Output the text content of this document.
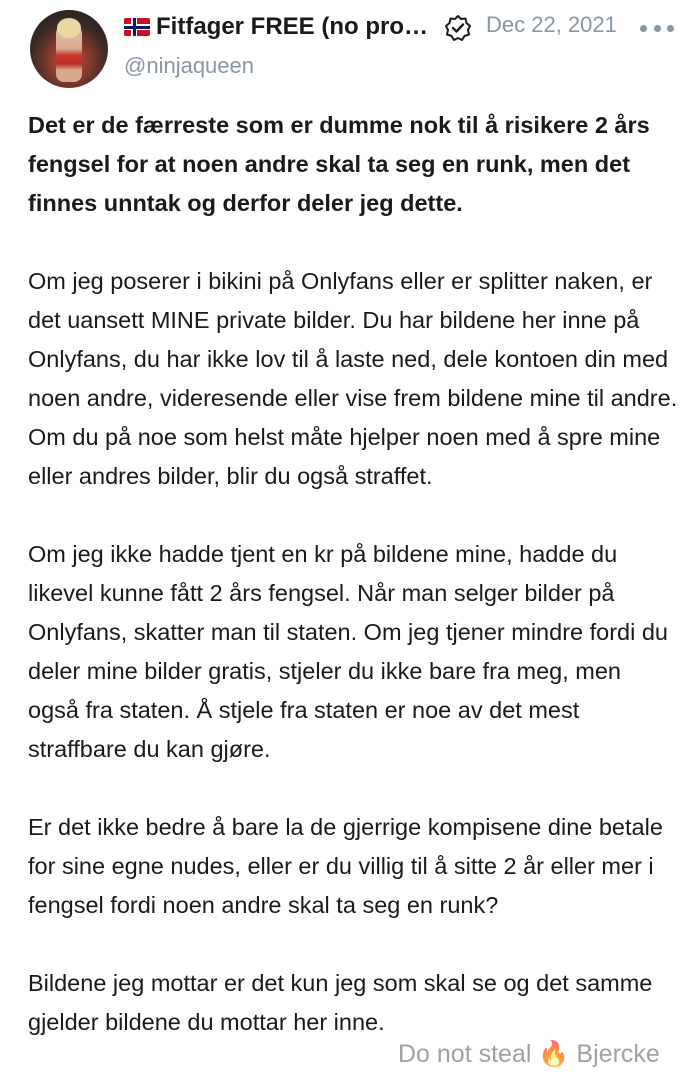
Fitfager FREE (no pro…	Dec 22, 2021
@ninjaqueen

Det er de færreste som er dumme nok til å risikere 2 års fengsel for at noen andre skal ta seg en runk, men det finnes unntak og derfor deler jeg dette.

Om jeg poserer i bikini på Onlyfans eller er splitter naken, er det uansett MINE private bilder. Du har bildene her inne på Onlyfans, du har ikke lov til å laste ned, dele kontoen din med noen andre, videresende eller vise frem bildene mine til andre. Om du på noe som helst måte hjelper noen med å spre mine eller andres bilder, blir du også straffet.

Om jeg ikke hadde tjent en kr på bildene mine, hadde du likevel kunne fått 2 års fengsel. Når man selger bilder på Onlyfans, skatter man til staten. Om jeg tjener mindre fordi du deler mine bilder gratis, stjeler du ikke bare fra meg, men også fra staten. Å stjele fra staten er noe av det mest straffbare du kan gjøre.

Er det ikke bedre å bare la de gjerrige kompisene dine betale for sine egne nudes, eller er du villig til å sitte 2 år eller mer i fengsel fordi noen andre skal ta seg en runk?

Bildene jeg mottar er det kun jeg som skal se og det samme gjelder bildene du mottar her inne.

Do not steal 🔥 Bjercke
